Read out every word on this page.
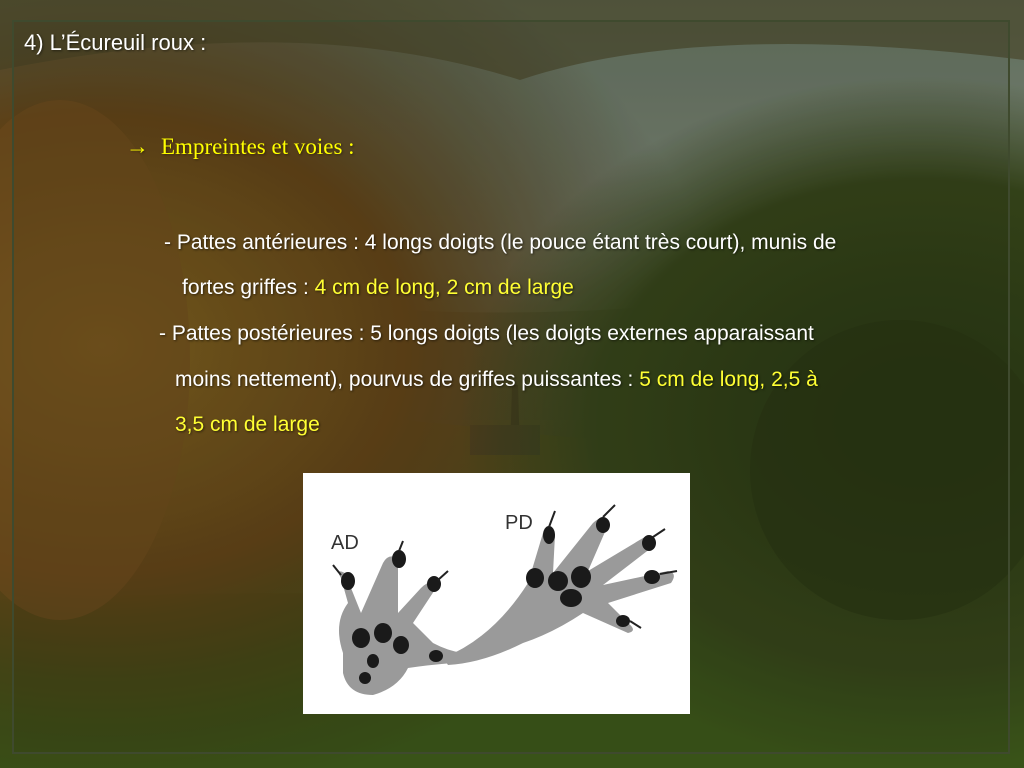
4) L’Écureuil roux :
→ Empreintes et voies :
- Pattes antérieures : 4 longs doigts (le pouce étant très court), munis de
fortes griffes : 4 cm de long, 2 cm de large
- Pattes postérieures : 5 longs doigts (les doigts externes apparaissant
moins nettement), pourvus de griffes puissantes : 5 cm de long, 2,5 à
3,5 cm de large
AD
PD
